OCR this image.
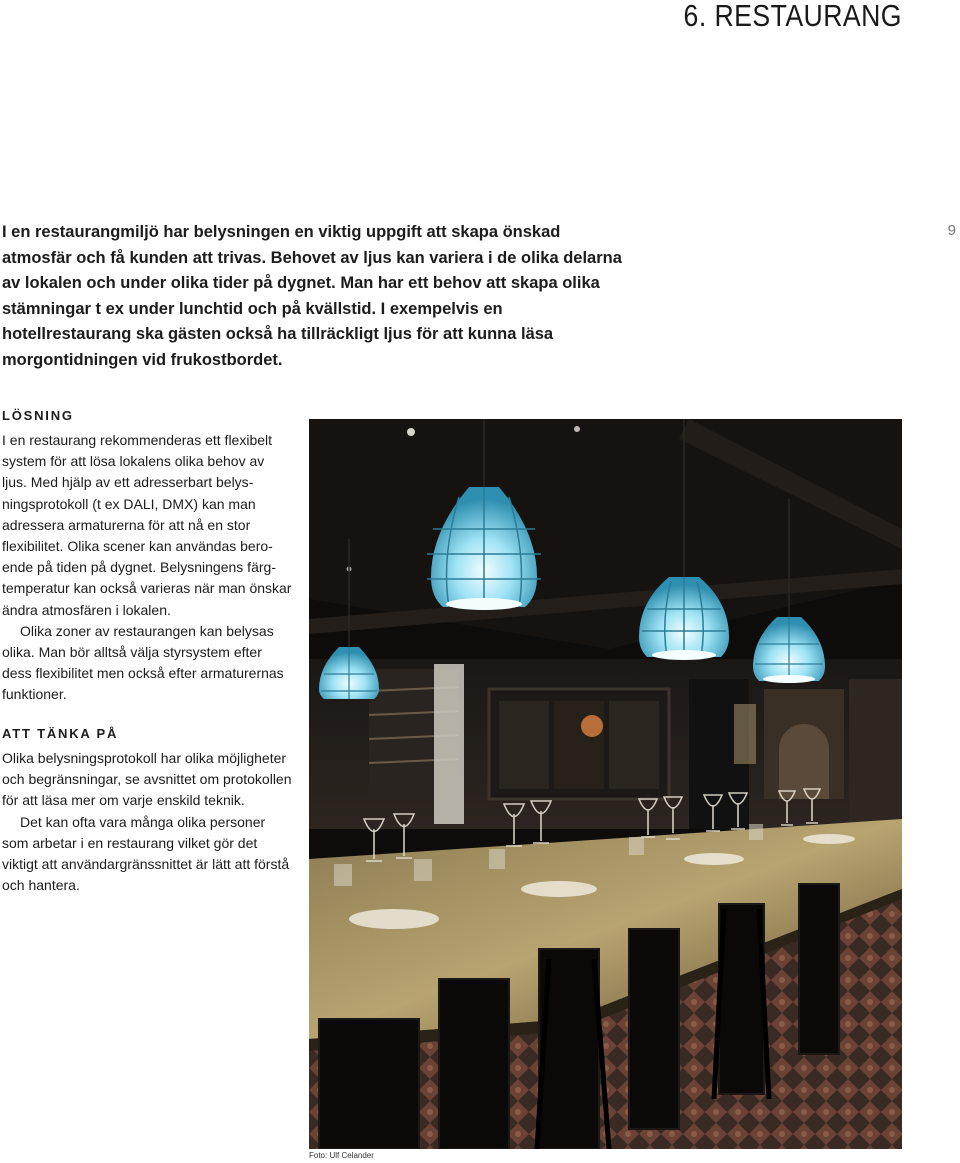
6. RESTAURANG
9

I en restaurangmiljö har belysningen en viktig uppgift att skapa önskad atmosfär och få kunden att trivas. Behovet av ljus kan variera i de olika delarna av lokalen och under olika tider på dygnet. Man har ett behov att skapa olika stämningar t ex under lunchtid och på kvällstid. I exempelvis en hotellrestaurang ska gästen också ha tillräckligt ljus för att kunna läsa morgontidningen vid frukostbordet.

LÖSNING

I en restaurang rekommenderas ett flexibelt system för att lösa lokalens olika behov av ljus. Med hjälp av ett adresserbart belysningsprotokoll (t ex DALI, DMX) kan man adressera armaturerna för att nå en stor flexibilitet. Olika scener kan användas beroende på tiden på dygnet. Belysningens färgtemperatur kan också varieras när man önskar ändra atmosfären i lokalen.

Olika zoner av restaurangen kan belysas olika. Man bör alltså välja styrsystem efter dess flexibilitet men också efter armaturernas funktioner.

ATT TÄNKA PÅ

Olika belysningsprotokoll har olika möjligheter och begränsningar, se avsnittet om protokollen för att läsa mer om varje enskild teknik.

Det kan ofta vara många olika personer som arbetar i en restaurang vilket gör det viktigt att användargränssnittet är lätt att förstå och hantera.

Foto: Ulf Celander
